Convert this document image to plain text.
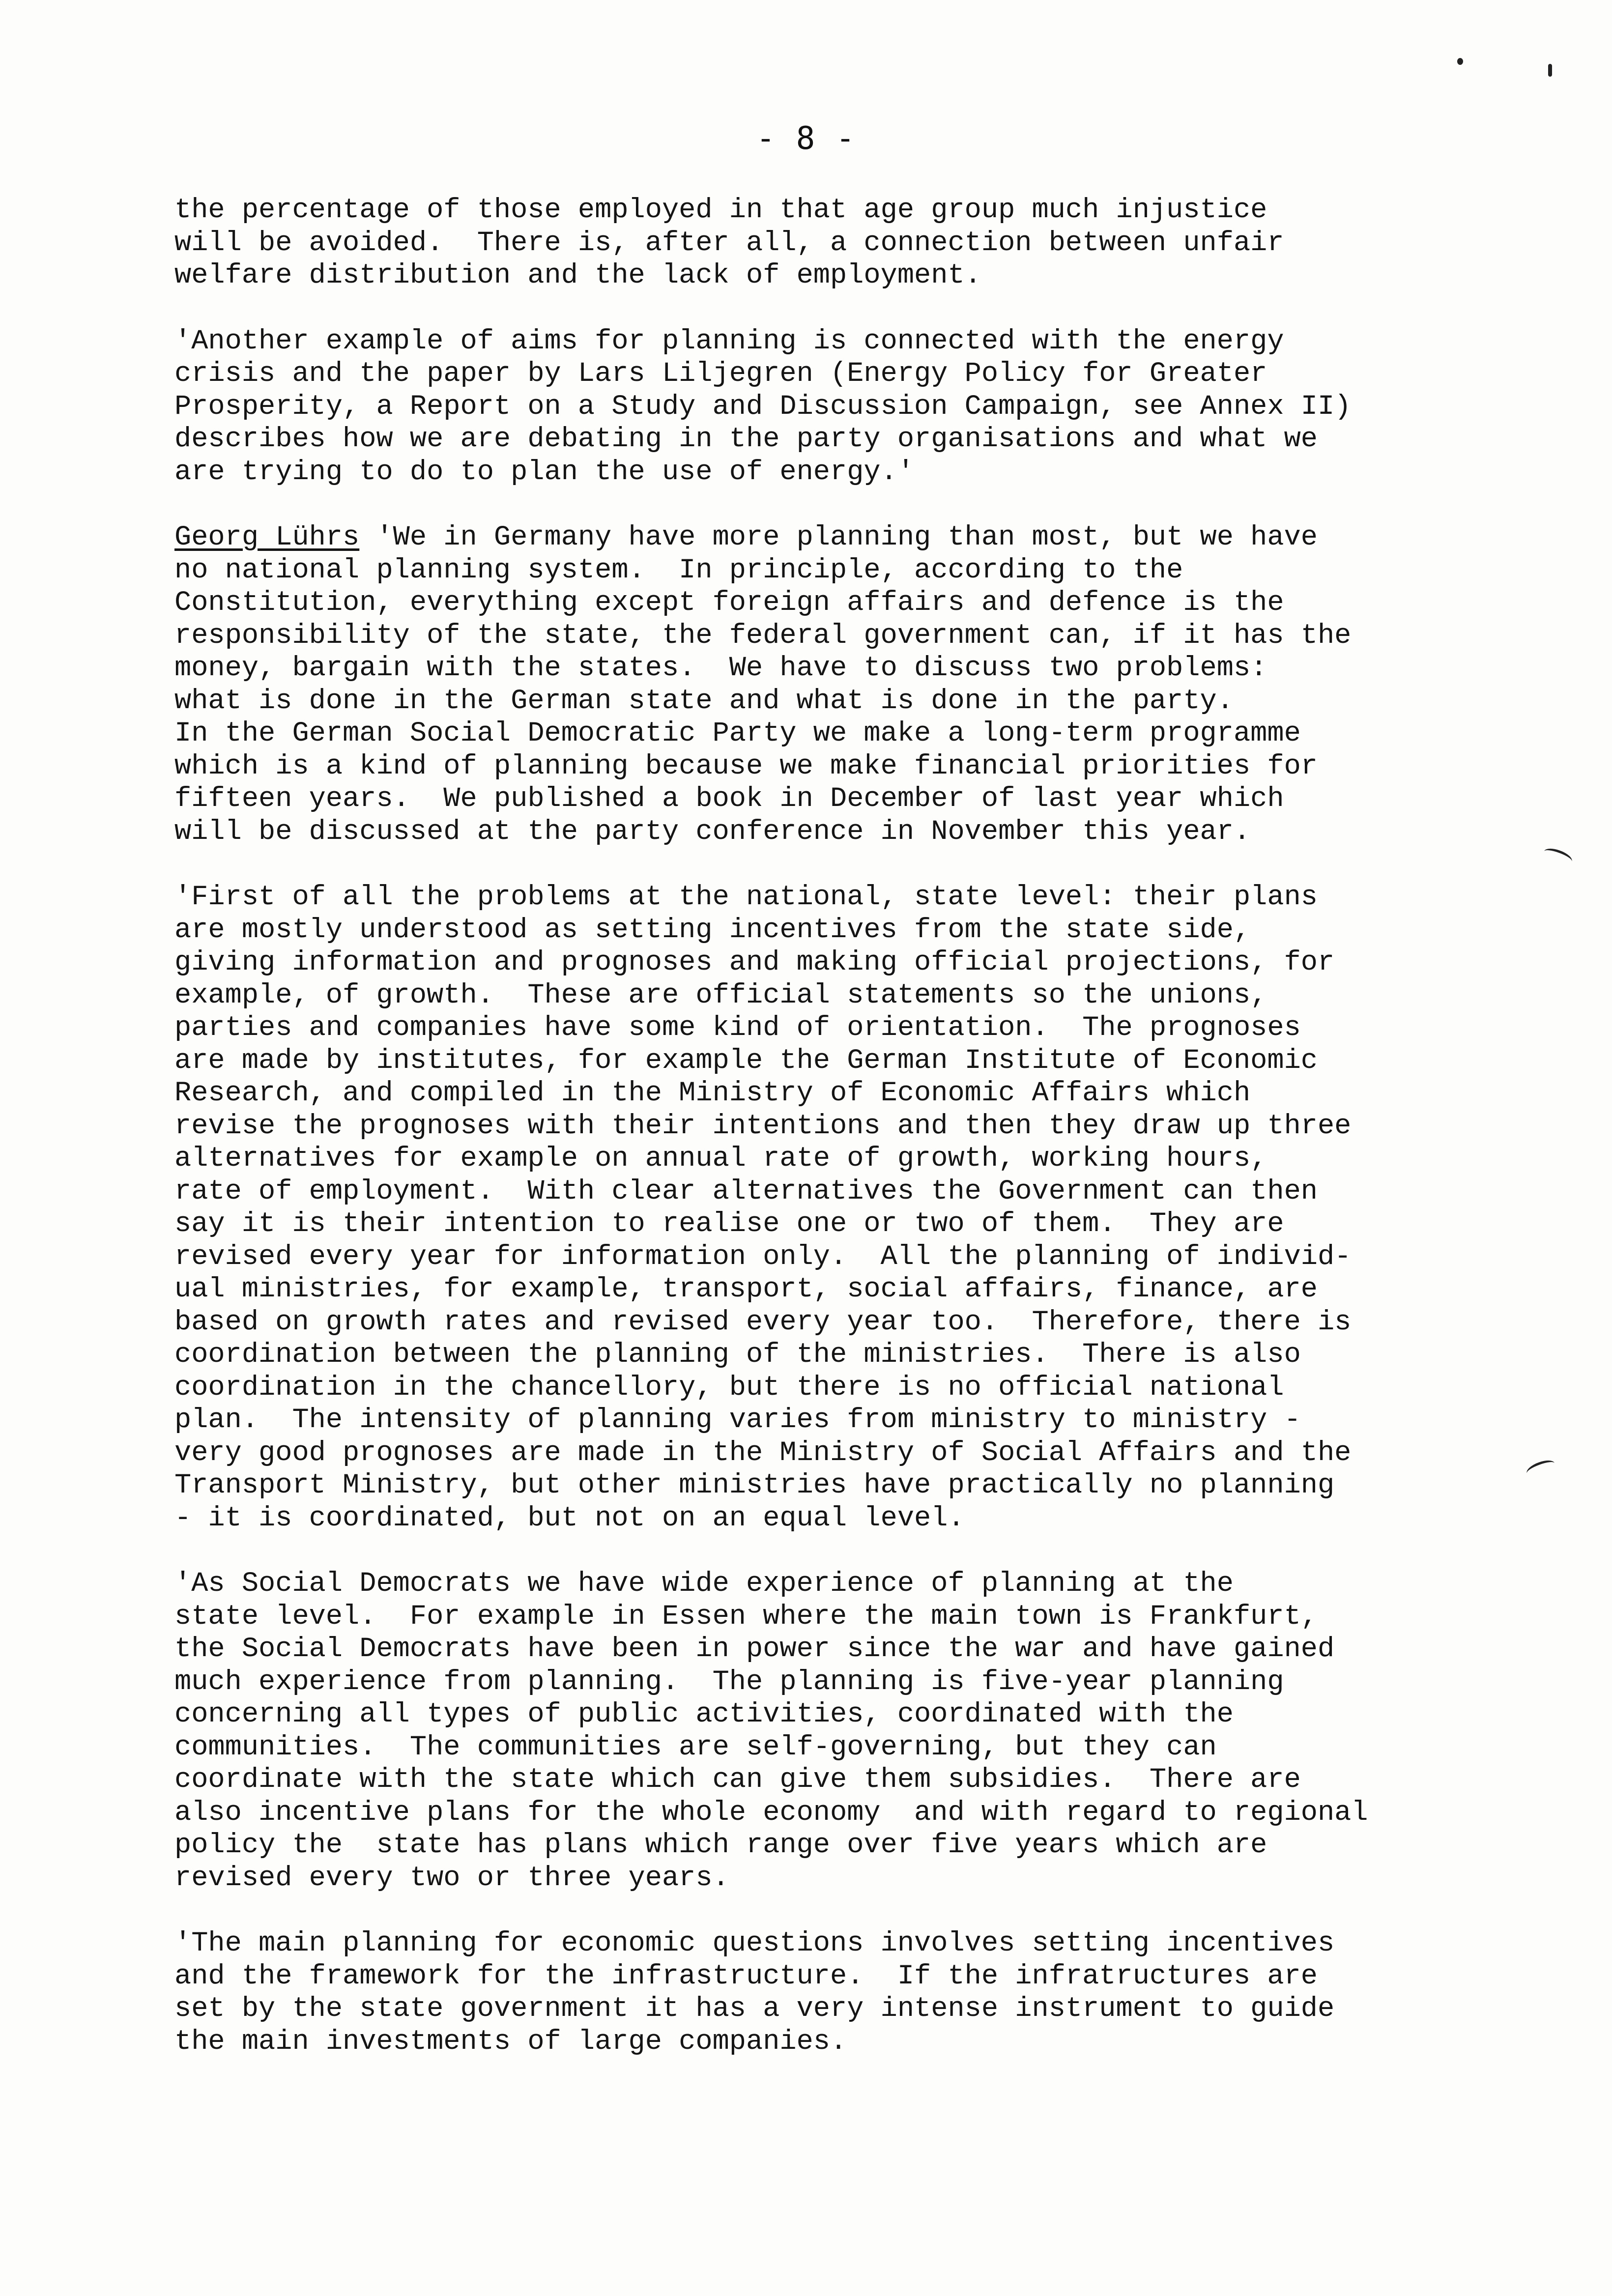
- 8 -
the percentage of those employed in that age group much injustice
will be avoided.  There is, after all, a connection between unfair
welfare distribution and the lack of employment.
'Another example of aims for planning is connected with the energy
crisis and the paper by Lars Liljegren (Energy Policy for Greater
Prosperity, a Report on a Study and Discussion Campaign, see Annex II)
describes how we are debating in the party organisations and what we
are trying to do to plan the use of energy.'
Georg Lührs 'We in Germany have more planning than most, but we have
no national planning system.  In principle, according to the
Constitution, everything except foreign affairs and defence is the
responsibility of the state, the federal government can, if it has the
money, bargain with the states.  We have to discuss two problems:
what is done in the German state and what is done in the party.
In the German Social Democratic Party we make a long-term programme
which is a kind of planning because we make financial priorities for
fifteen years.  We published a book in December of last year which
will be discussed at the party conference in November this year.
'First of all the problems at the national, state level: their plans
are mostly understood as setting incentives from the state side,
giving information and prognoses and making official projections, for
example, of growth.  These are official statements so the unions,
parties and companies have some kind of orientation.  The prognoses
are made by institutes, for example the German Institute of Economic
Research, and compiled in the Ministry of Economic Affairs which
revise the prognoses with their intentions and then they draw up three
alternatives for example on annual rate of growth, working hours,
rate of employment.  With clear alternatives the Government can then
say it is their intention to realise one or two of them.  They are
revised every year for information only.  All the planning of individ-
ual ministries, for example, transport, social affairs, finance, are
based on growth rates and revised every year too.  Therefore, there is
coordination between the planning of the ministries.  There is also
coordination in the chancellory, but there is no official national
plan.  The intensity of planning varies from ministry to ministry -
very good prognoses are made in the Ministry of Social Affairs and the
Transport Ministry, but other ministries have practically no planning
- it is coordinated, but not on an equal level.
'As Social Democrats we have wide experience of planning at the
state level.  For example in Essen where the main town is Frankfurt,
the Social Democrats have been in power since the war and have gained
much experience from planning.  The planning is five-year planning
concerning all types of public activities, coordinated with the
communities.  The communities are self-governing, but they can
coordinate with the state which can give them subsidies.  There are
also incentive plans for the whole economy  and with regard to regional
policy the  state has plans which range over five years which are
revised every two or three years.
'The main planning for economic questions involves setting incentives
and the framework for the infrastructure.  If the infratructures are
set by the state government it has a very intense instrument to guide
the main investments of large companies.
